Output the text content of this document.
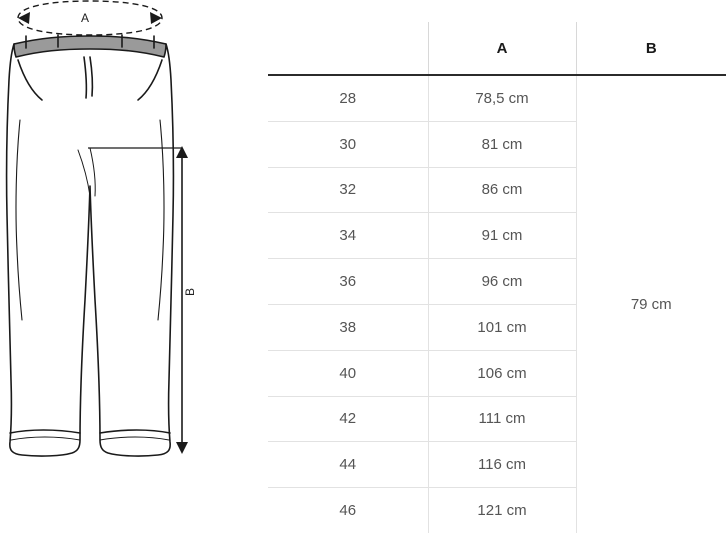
A
B
	A	B
28	78,5 cm	79 cm
30	81 cm	
32	86 cm	
34	91 cm	
36	96 cm	
38	101 cm	
40	106 cm	
42	111 cm	
44	116 cm	
46	121 cm	
